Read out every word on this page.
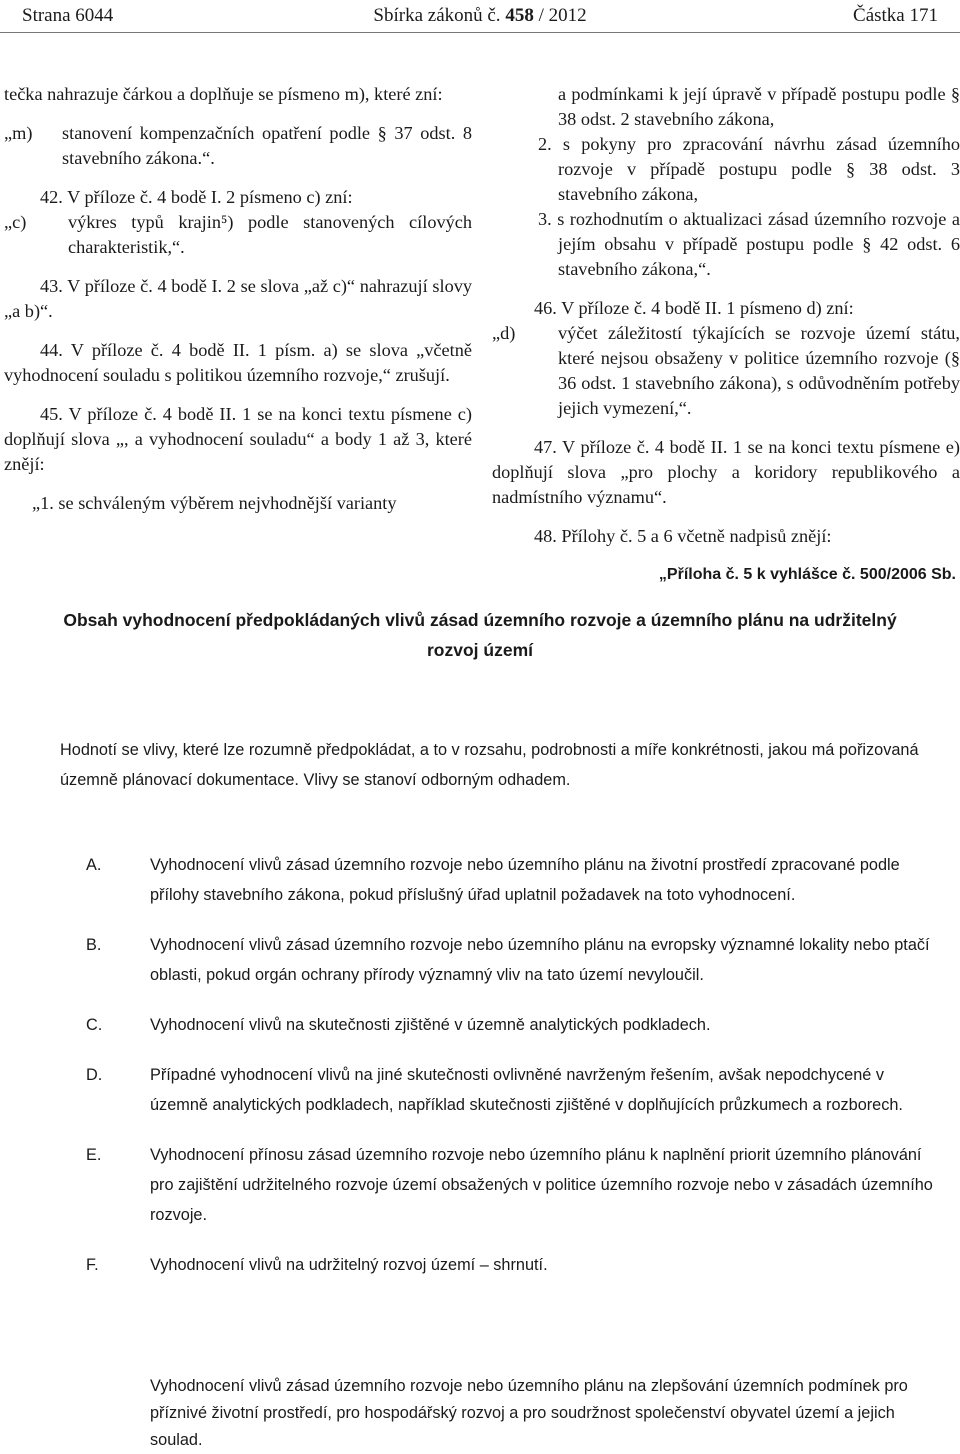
Strana 6044	Sbírka zákonů č. 458 / 2012	Částka 171

tečka nahrazuje čárkou a doplňuje se písmeno m), které zní:

„m)	stanovení kompenzačních opatření podle § 37 odst. 8 stavebního zákona.“.

42. V příloze č. 4 bodě I. 2 písmeno c) zní:

„c)	výkres typů krajin⁵) podle stanovených cílových charakteristik,“.

43. V příloze č. 4 bodě I. 2 se slova „až c)“ nahrazují slovy „a b)“.

44. V příloze č. 4 bodě II. 1 písm. a) se slova „včetně vyhodnocení souladu s politikou územního rozvoje,“ zrušují.

45. V příloze č. 4 bodě II. 1 se na konci textu písmene c) doplňují slova „, a vyhodnocení souladu“ a body 1 až 3, které znějí:

„1. se schváleným výběrem nejvhodnější varianty

a podmínkami k její úpravě v případě postupu podle § 38 odst. 2 stavebního zákona,

2. s pokyny pro zpracování návrhu zásad územního rozvoje v případě postupu podle § 38 odst. 3 stavebního zákona,

3. s rozhodnutím o aktualizaci zásad územního rozvoje a jejím obsahu v případě postupu podle § 42 odst. 6 stavebního zákona,“.

46. V příloze č. 4 bodě II. 1 písmeno d) zní:

„d)	výčet záležitostí týkajících se rozvoje území státu, které nejsou obsaženy v politice územního rozvoje (§ 36 odst. 1 stavebního zákona), s odůvodněním potřeby jejich vymezení,“.

47. V příloze č. 4 bodě II. 1 se na konci textu písmene e) doplňují slova „pro plochy a koridory republikového a nadmístního významu“.

48. Přílohy č. 5 a 6 včetně nadpisů znějí:

„Příloha č. 5 k vyhlášce č. 500/2006 Sb.
Obsah vyhodnocení předpokládaných vlivů zásad územního rozvoje a územního plánu na udržitelný rozvoj území
Hodnotí se vlivy, které lze rozumně předpokládat, a to v rozsahu, podrobnosti a míře konkrétnosti, jakou má pořizovaná územně plánovací dokumentace. Vlivy se stanoví odborným odhadem.
A.	Vyhodnocení vlivů zásad územního rozvoje nebo územního plánu na životní prostředí zpracované podle přílohy stavebního zákona, pokud příslušný úřad uplatnil požadavek na toto vyhodnocení.
B.	Vyhodnocení vlivů zásad územního rozvoje nebo územního plánu na evropsky významné lokality nebo ptačí oblasti, pokud orgán ochrany přírody významný vliv na tato území nevyloučil.
C.	Vyhodnocení vlivů na skutečnosti zjištěné v územně analytických podkladech.
D.	Případné vyhodnocení vlivů na jiné skutečnosti ovlivněné navrženým řešením, avšak nepodchycené v územně analytických podkladech, například skutečnosti zjištěné v doplňujících průzkumech a rozborech.
E.	Vyhodnocení přínosu zásad územního rozvoje nebo územního plánu k naplnění priorit územního plánování pro zajištění udržitelného rozvoje území obsažených v politice územního rozvoje nebo v zásadách územního rozvoje.
F.	Vyhodnocení vlivů na udržitelný rozvoj území – shrnutí.
Vyhodnocení vlivů zásad územního rozvoje nebo územního plánu na zlepšování územních podmínek pro příznivé životní prostředí, pro hospodářský rozvoj a pro soudržnost společenství obyvatel území a jejich soulad.
